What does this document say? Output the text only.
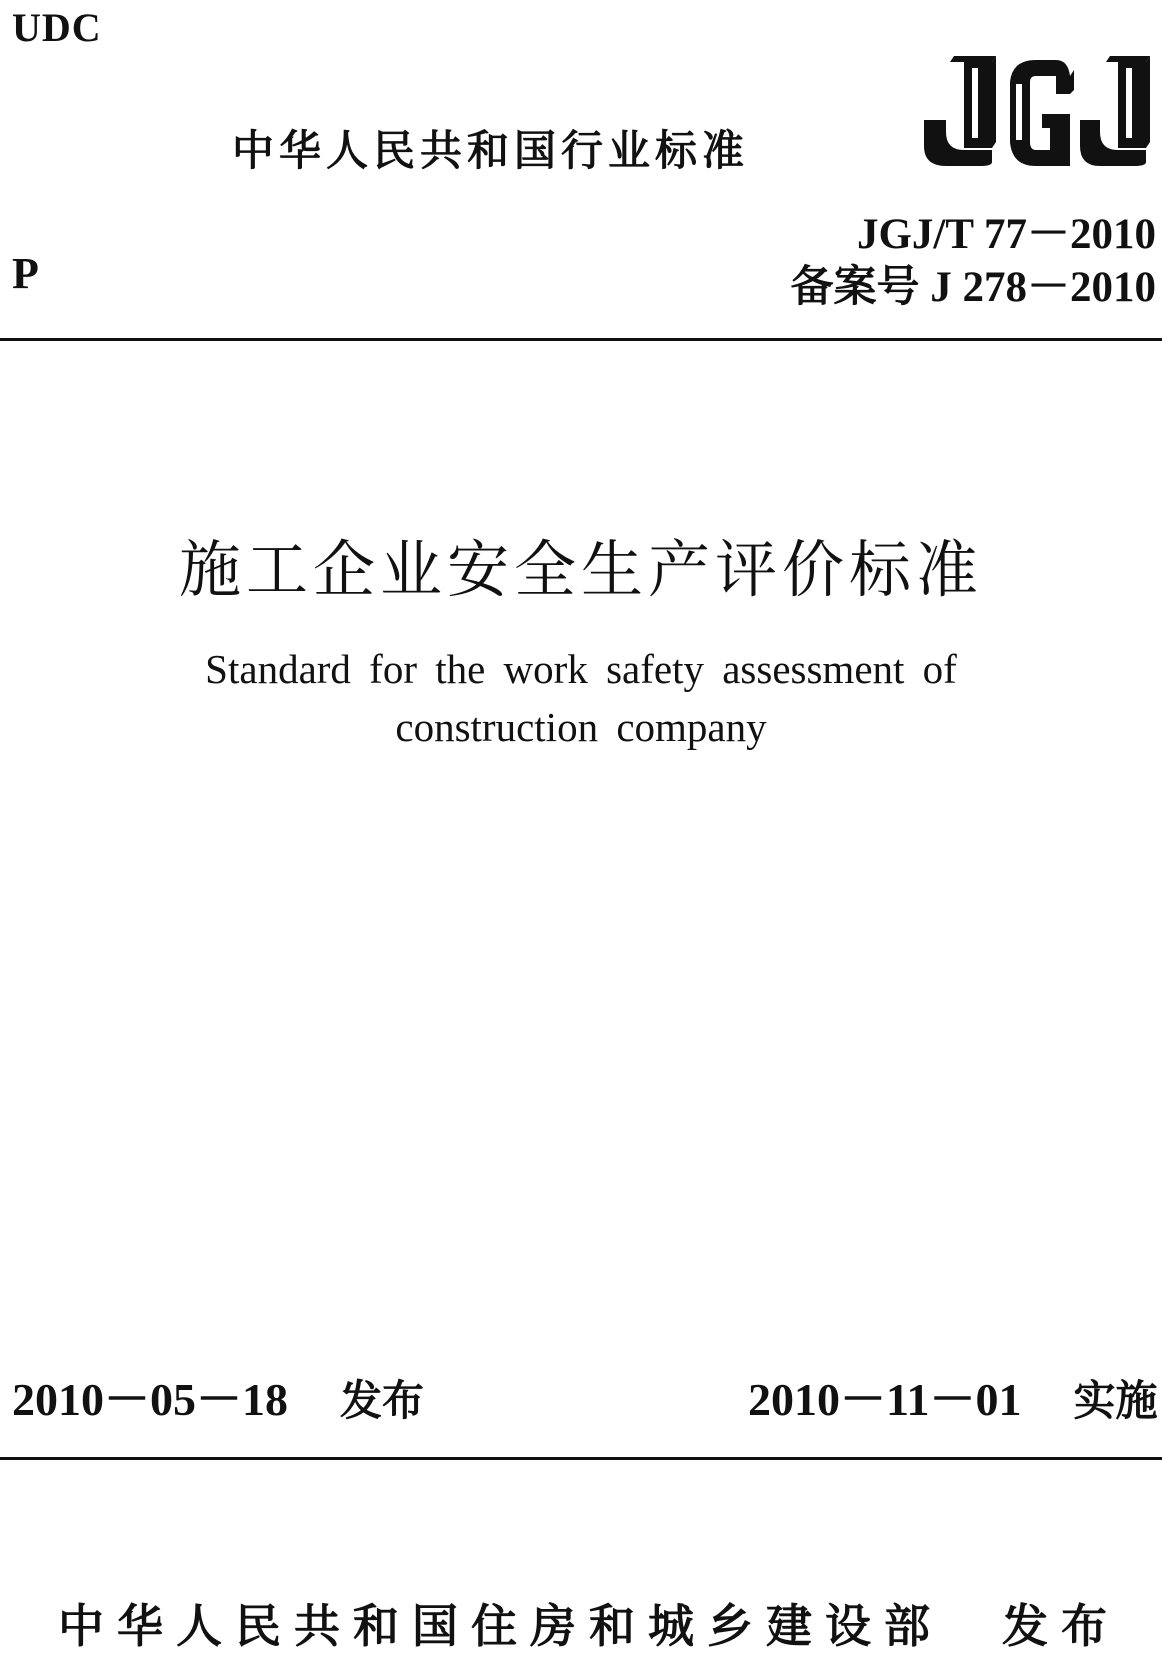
UDC
中华人民共和国行业标准
JGJ
P
JGJ/T 77－2010
备案号 J 278－2010
施工企业安全生产评价标准
Standard for the work safety assessment of
construction company
2010－05－18 发布	2010－11－01 实施
中华人民共和国住房和城乡建设部 发布
